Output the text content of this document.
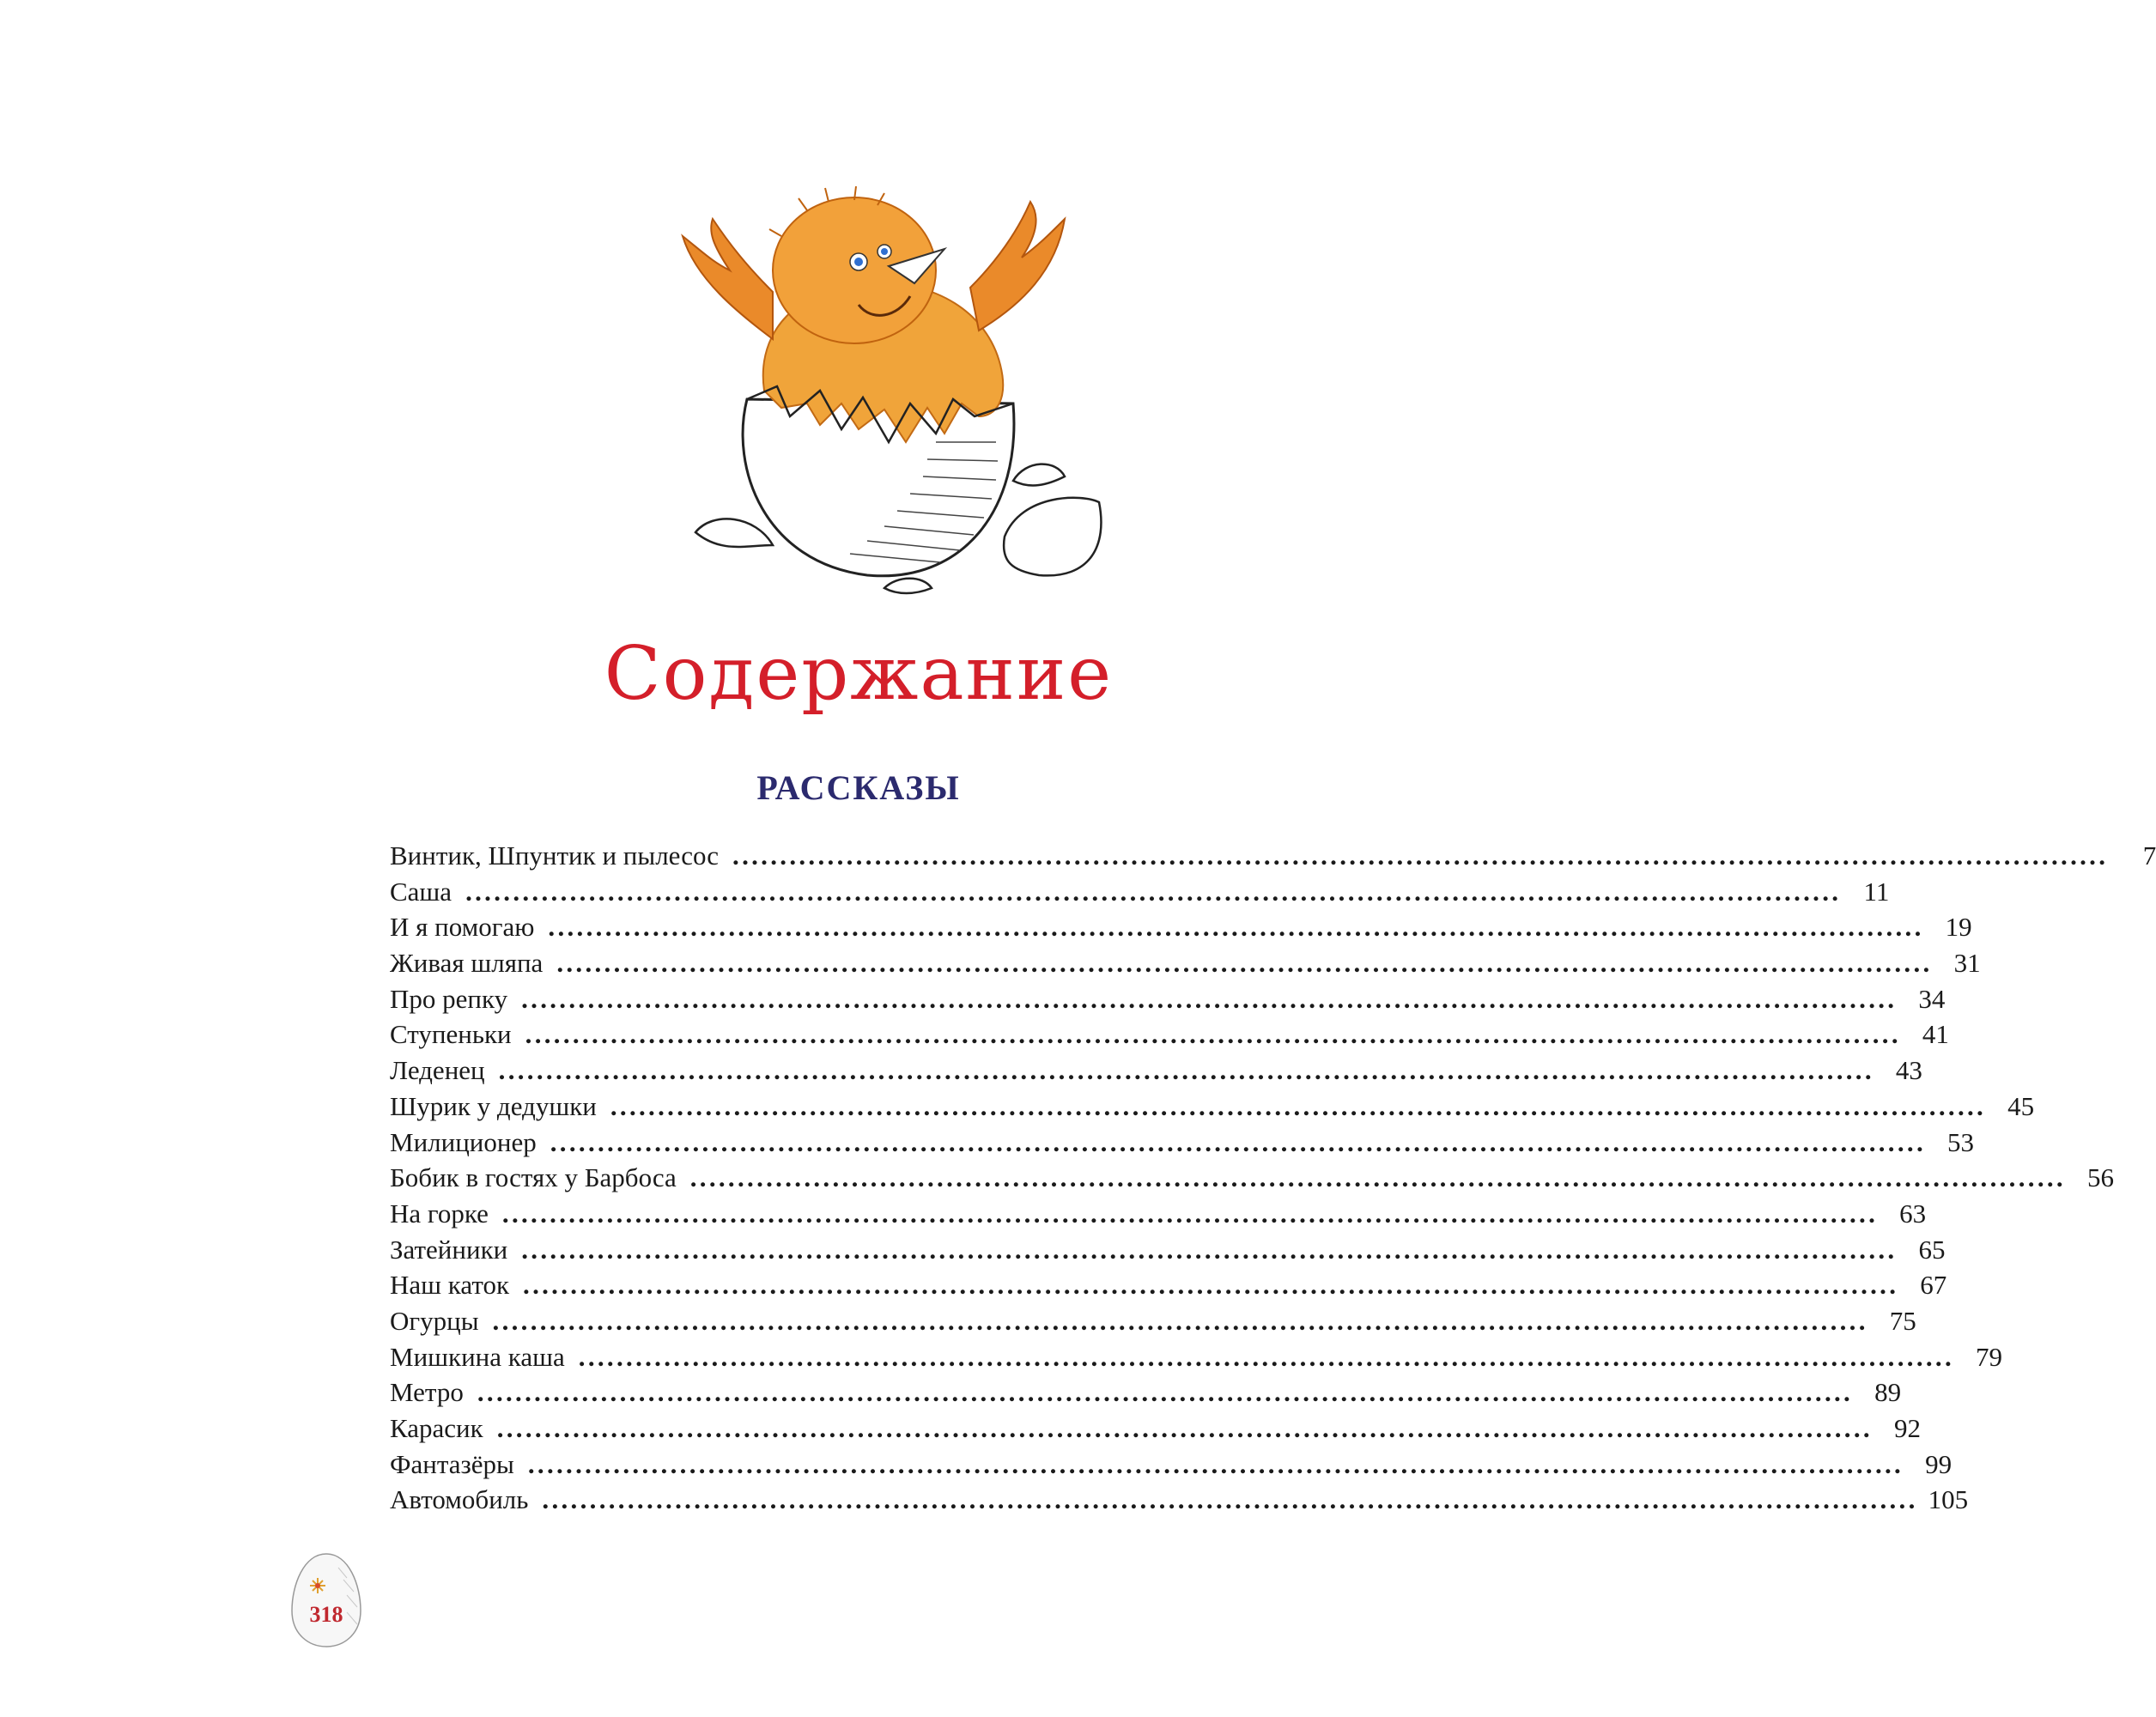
Содержание
РАССКАЗЫ
Винтик, Шпунтик и пылесос .................................................................................................................................................	7
Саша ................................................................................................................................................. 11
И я помогаю ................................................................................................................................................. 19
Живая шляпа ................................................................................................................................................. 31
Про репку ................................................................................................................................................. 34
Ступеньки ................................................................................................................................................. 41
Леденец ................................................................................................................................................. 43
Шурик у дедушки ................................................................................................................................................. 45
Милиционер ................................................................................................................................................. 53
Бобик в гостях у Барбоса ................................................................................................................................................. 56
На горке ................................................................................................................................................. 63
Затейники ................................................................................................................................................. 65
Наш каток ................................................................................................................................................. 67
Огурцы ................................................................................................................................................. 75
Мишкина каша ................................................................................................................................................. 79
Метро ................................................................................................................................................. 89
Карасик ................................................................................................................................................. 92
Фантазёры ................................................................................................................................................. 99
Автомобиль ................................................................................................................................................. 105
318
